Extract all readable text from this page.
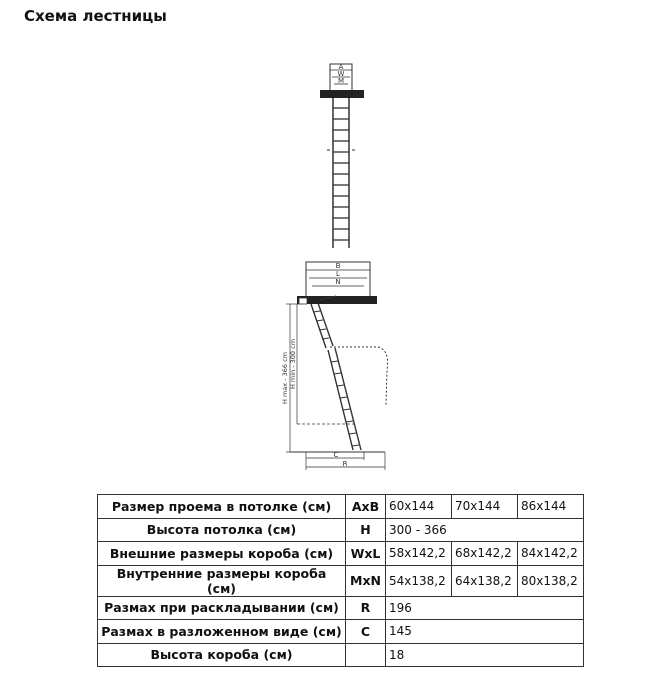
Схема лестницы
A
W
M
B
L
N
H max - 366 cm H min - 300 cm
C
R
Размер проема в потолке (см)	AxB	60x144	70x144	86x144
Высота потолка (см)	H	300 - 366		
Внешние размеры короба (см)	WxL	58x142,2	68x142,2	84x142,2
Внутренние размеры короба (см)	MxN	54x138,2	64x138,2	80x138,2
Размах при раскладывании (см)	R	196		
Размах в разложенном виде (см)	C	145		
Высота короба (см)		18		
